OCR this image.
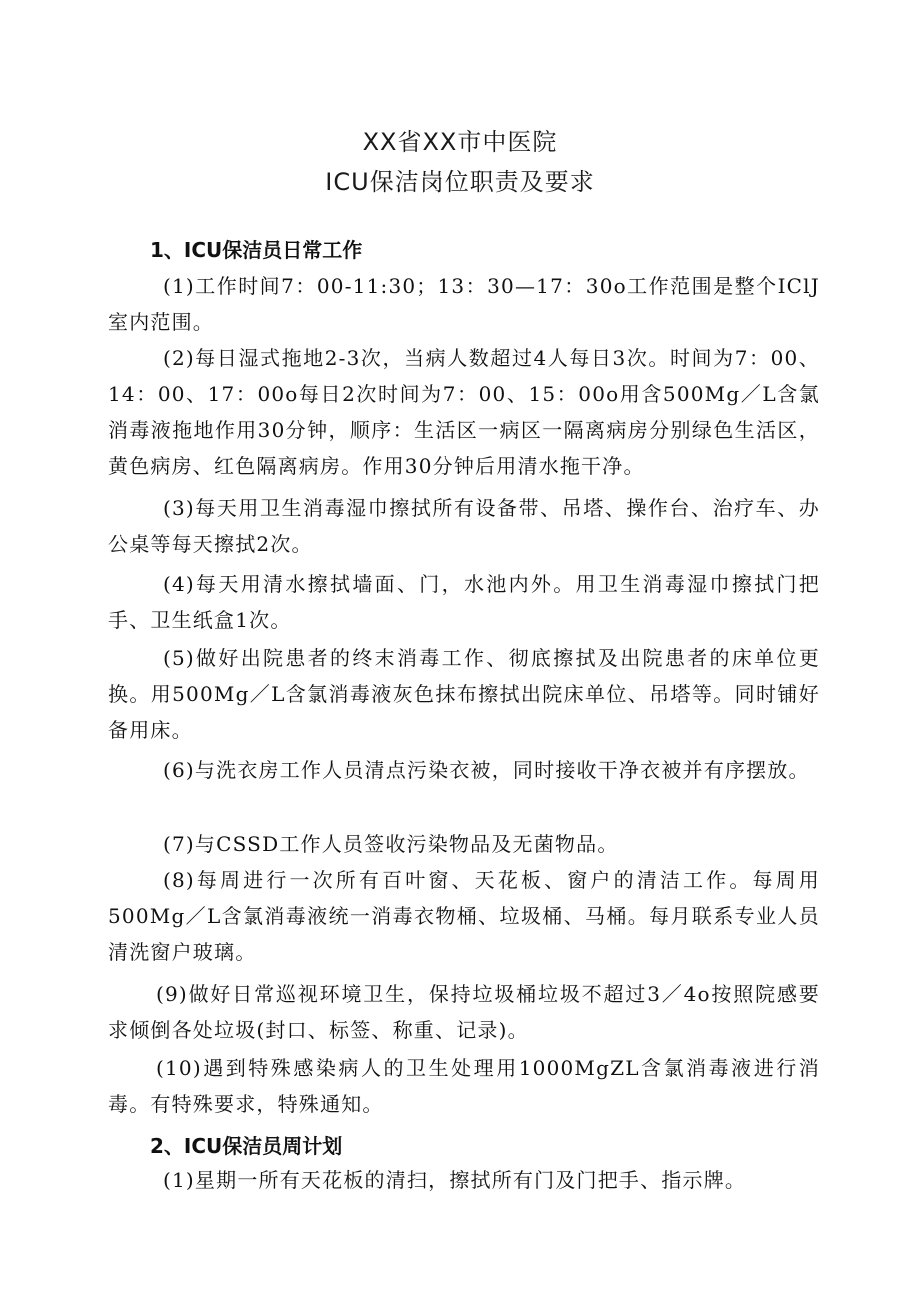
XX省XX市中医院
ICU保洁岗位职责及要求
1、ICU保洁员日常工作
(1)工作时间7：00-11:30；13：30—17：30o工作范围是整个IClJ室内范围。
(2)每日湿式拖地2-3次，当病人数超过4人每日3次。时间为7：00、14：00、17：00o每日2次时间为7：00、15：00o用含500Mg／L含氯消毒液拖地作用30分钟，顺序：生活区一病区一隔离病房分别绿色生活区，黄色病房、红色隔离病房。作用30分钟后用清水拖干净。
(3)每天用卫生消毒湿巾擦拭所有设备带、吊塔、操作台、治疗车、办公桌等每天擦拭2次。
(4)每天用清水擦拭墙面、门，水池内外。用卫生消毒湿巾擦拭门把手、卫生纸盒1次。
(5)做好出院患者的终末消毒工作、彻底擦拭及出院患者的床单位更换。用500Mg／L含氯消毒液灰色抹布擦拭出院床单位、吊塔等。同时铺好备用床。
(6)与洗衣房工作人员清点污染衣被，同时接收干净衣被并有序摆放。
(7)与CSSD工作人员签收污染物品及无菌物品。
(8)每周进行一次所有百叶窗、天花板、窗户的清洁工作。每周用500Mg／L含氯消毒液统一消毒衣物桶、垃圾桶、马桶。每月联系专业人员清洗窗户玻璃。
(9)做好日常巡视环境卫生，保持垃圾桶垃圾不超过3／4o按照院感要求倾倒各处垃圾(封口、标签、称重、记录)。
(10)遇到特殊感染病人的卫生处理用1000MgZL含氯消毒液进行消毒。有特殊要求，特殊通知。
2、ICU保洁员周计划
(1)星期一所有天花板的清扫，擦拭所有门及门把手、指示牌。
